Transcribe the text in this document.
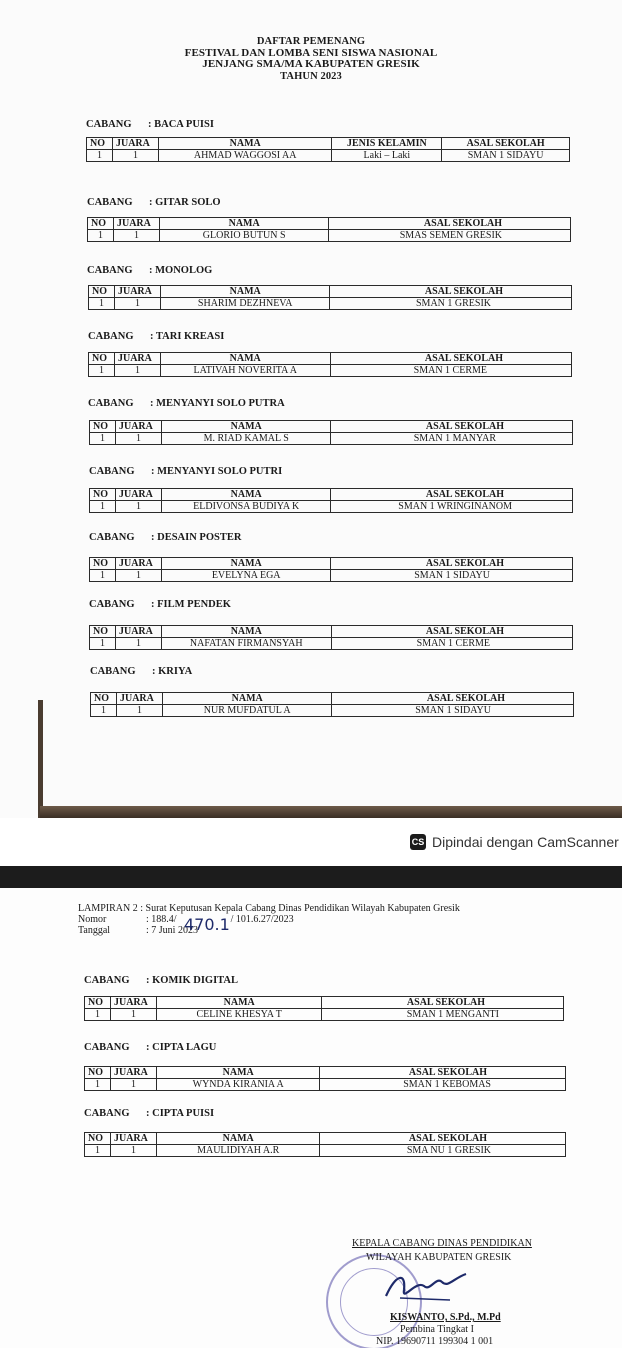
DAFTAR PEMENANG
FESTIVAL DAN LOMBA SENI SISWA NASIONAL
JENJANG SMA/MA KABUPATEN GRESIK
TAHUN 2023
CABANG : BACA PUISI
NO	JUARA	NAMA	JENIS KELAMIN	ASAL SEKOLAH
1	1	AHMAD WAGGOSI AA	Laki – Laki	SMAN 1 SIDAYU
CABANG : GITAR SOLO
NO	JUARA	NAMA	ASAL SEKOLAH
1	1	GLORIO BUTUN S	SMAS SEMEN GRESIK
CABANG : MONOLOG
NO	JUARA	NAMA	ASAL SEKOLAH
1	1	SHARIM DEZHNEVA	SMAN 1 GRESIK
CABANG : TARI KREASI
NO	JUARA	NAMA	ASAL SEKOLAH
1	1	LATIVAH NOVERITA A	SMAN 1 CERME
CABANG : MENYANYI SOLO PUTRA
NO	JUARA	NAMA	ASAL SEKOLAH
1	1	M. RIAD KAMAL S	SMAN 1 MANYAR
CABANG : MENYANYI SOLO PUTRI
NO	JUARA	NAMA	ASAL SEKOLAH
1	1	ELDIVONSA BUDIYA K	SMAN 1 WRINGINANOM
CABANG : DESAIN POSTER
NO	JUARA	NAMA	ASAL SEKOLAH
1	1	EVELYNA EGA	SMAN 1 SIDAYU
CABANG : FILM PENDEK
NO	JUARA	NAMA	ASAL SEKOLAH
1	1	NAFATAN FIRMANSYAH	SMAN 1 CERME
CABANG : KRIYA
NO	JUARA	NAMA	ASAL SEKOLAH
1	1	NUR MUFDATUL A	SMAN 1 SIDAYU
CS Dipindai dengan CamScanner
LAMPIRAN 2 : Surat Keputusan Kepala Cabang Dinas Pendidikan Wilayah Kabupaten Gresik
Nomor	: 188.4/	/ 101.6.27/2023
Tanggal	: 7 Juni 2023
470.1
CABANG : KOMIK DIGITAL
NO	JUARA	NAMA	ASAL SEKOLAH
1	1	CELINE KHESYA T	SMAN 1 MENGANTI
CABANG : CIPTA LAGU
NO	JUARA	NAMA	ASAL SEKOLAH
1	1	WYNDA KIRANIA A	SMAN 1 KEBOMAS
CABANG : CIPTA PUISI
NO	JUARA	NAMA	ASAL SEKOLAH
1	1	MAULIDIYAH A.R	SMA NU 1 GRESIK
KEPALA CABANG DINAS PENDIDIKAN
WILAYAH KABUPATEN GRESIK
KISWANTO, S.Pd., M.Pd
Pembina Tingkat I
NIP. 19690711 199304 1 001
